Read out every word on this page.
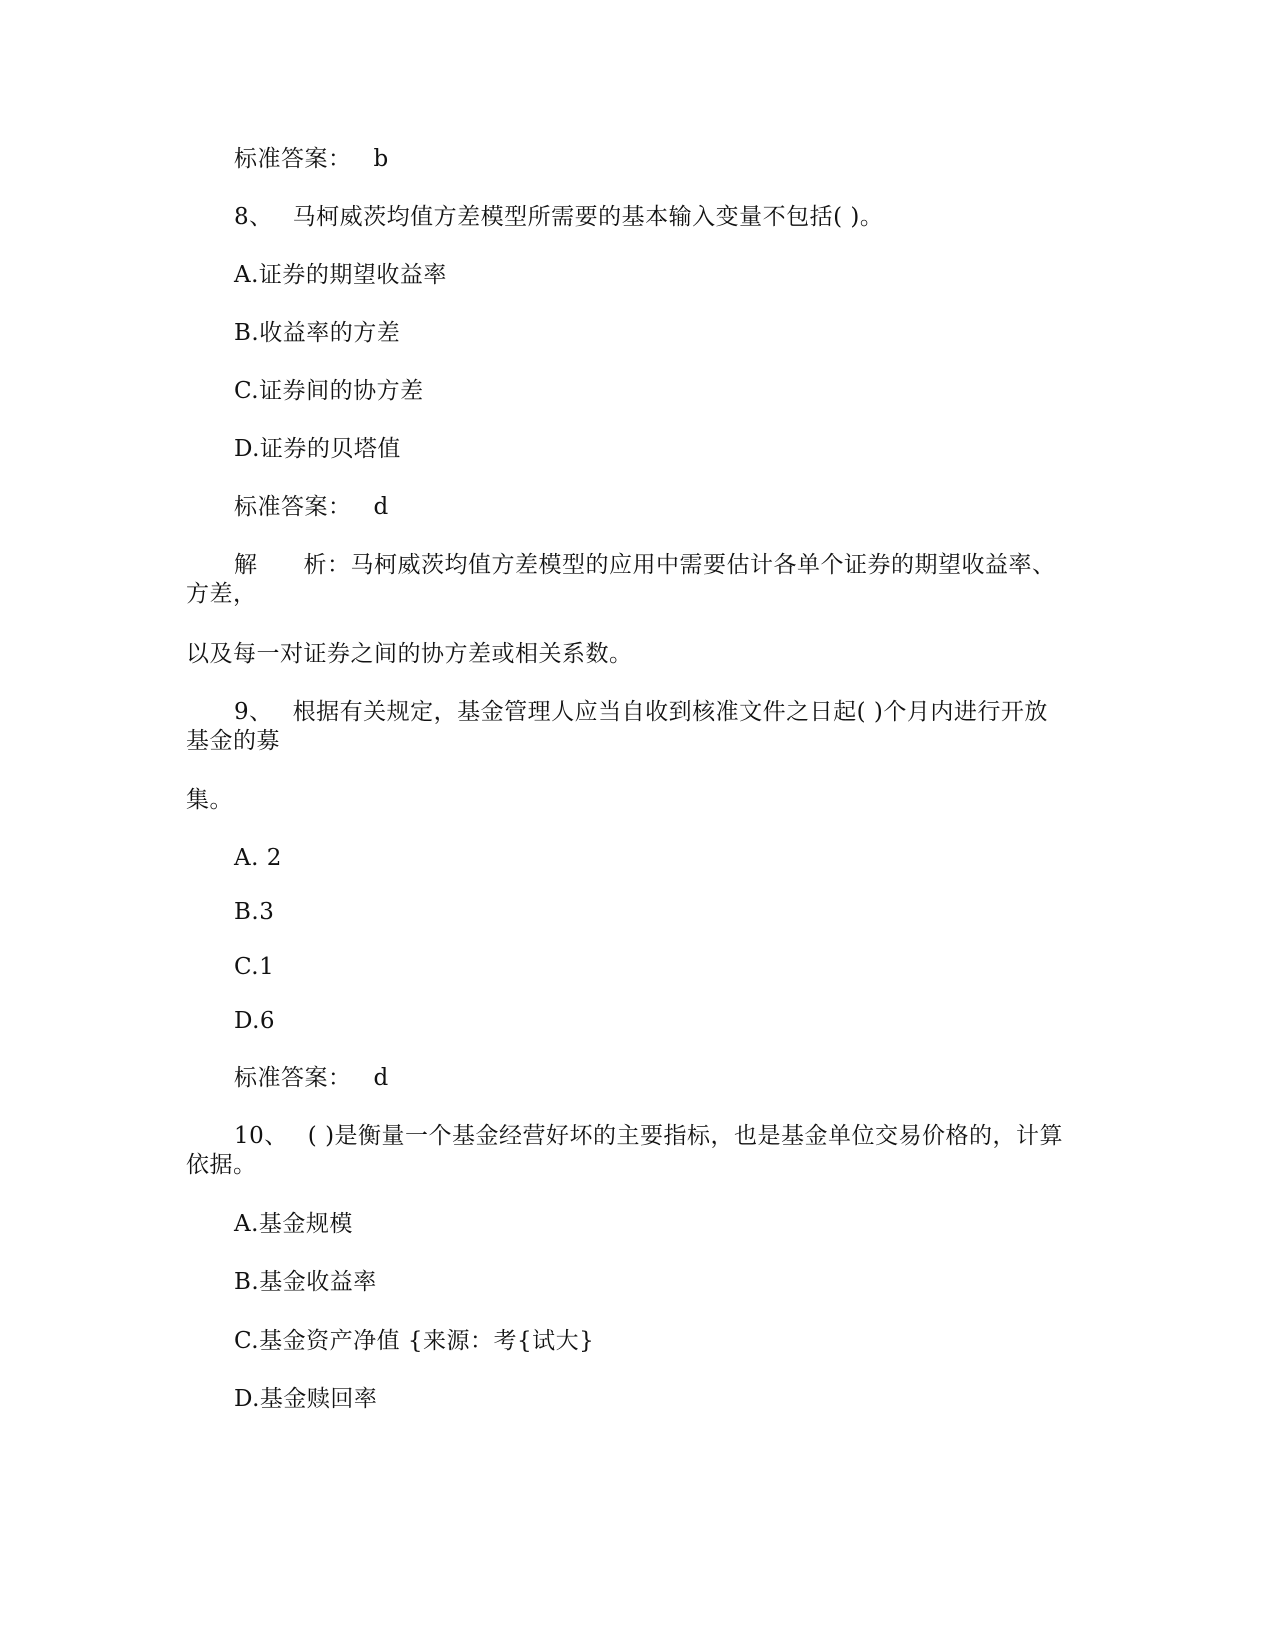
标准答案： b
8、 马柯威茨均值方差模型所需要的基本输入变量不包括( )。
A.证券的期望收益率
B.收益率的方差
C.证券间的协方差
D.证券的贝塔值
标准答案： d
解 析：马柯威茨均值方差模型的应用中需要估计各单个证券的期望收益率、
方差，
以及每一对证券之间的协方差或相关系数。
9、 根据有关规定，基金管理人应当自收到核准文件之日起( )个月内进行开放
基金的募
集。
A. 2
B.3
C.1
D.6
标准答案： d
10、 ( )是衡量一个基金经营好坏的主要指标，也是基金单位交易价格的，计算
依据。
A.基金规模
B.基金收益率
C.基金资产净值 {来源：考{试大}
D.基金赎回率
